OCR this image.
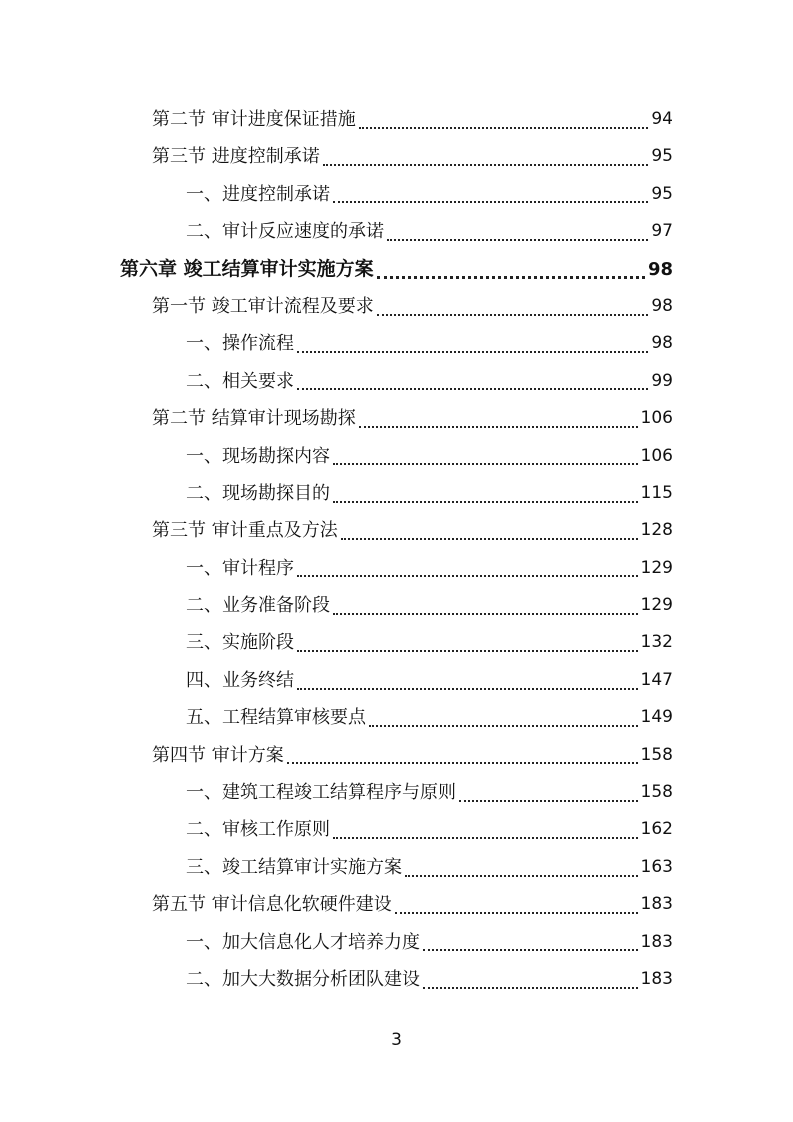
第二节 审计进度保证措施	94
第三节 进度控制承诺	95
一、进度控制承诺	95
二、审计反应速度的承诺	97
第六章 竣工结算审计实施方案	98
第一节 竣工审计流程及要求	98
一、操作流程	98
二、相关要求	99
第二节 结算审计现场勘探	106
一、现场勘探内容	106
二、现场勘探目的	115
第三节 审计重点及方法	128
一、审计程序	129
二、业务准备阶段	129
三、实施阶段	132
四、业务终结	147
五、工程结算审核要点	149
第四节 审计方案	158
一、建筑工程竣工结算程序与原则	158
二、审核工作原则	162
三、竣工结算审计实施方案	163
第五节 审计信息化软硬件建设	183
一、加大信息化人才培养力度	183
二、加大大数据分析团队建设	183
3
